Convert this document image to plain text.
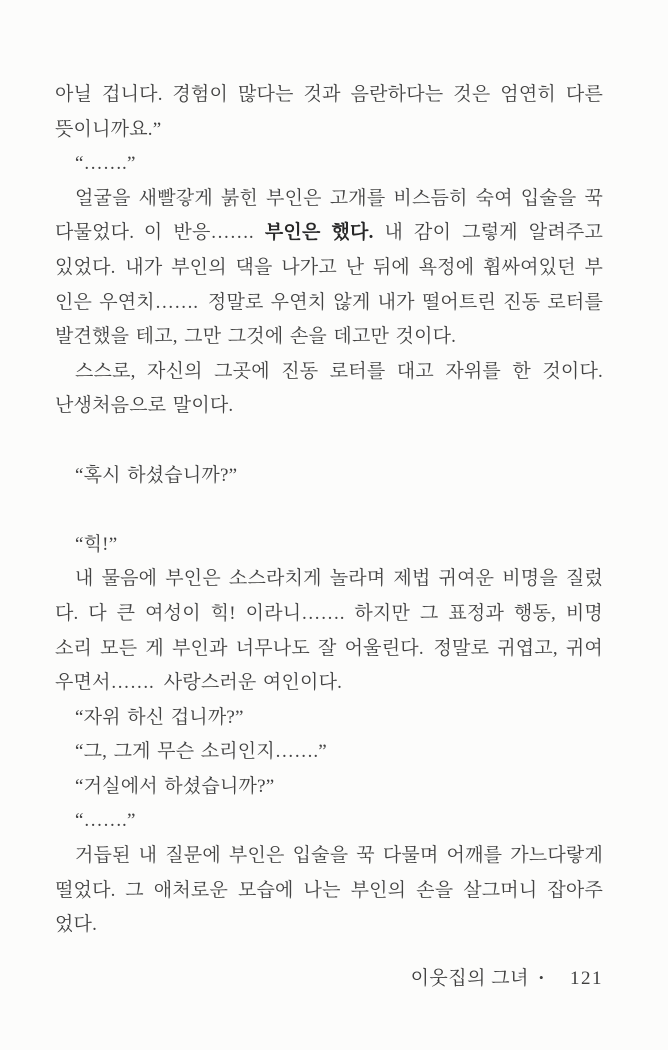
아닐 겁니다. 경험이 많다는 것과 음란하다는 것은 엄연히 다른
뜻이니까요.”
“…….”
얼굴을 새빨갛게 붉힌 부인은 고개를 비스듬히 숙여 입술을 꾹
다물었다. 이 반응……. 부인은 했다. 내 감이 그렇게 알려주고
있었다. 내가 부인의 댁을 나가고 난 뒤에 욕정에 휩싸여있던 부
인은 우연치……. 정말로 우연치 않게 내가 떨어트린 진동 로터를
발견했을 테고, 그만 그것에 손을 데고만 것이다.
스스로, 자신의 그곳에 진동 로터를 대고 자위를 한 것이다.
난생처음으로 말이다.
“혹시 하셨습니까?”
“힉!”
내 물음에 부인은 소스라치게 놀라며 제법 귀여운 비명을 질렀
다. 다 큰 여성이 힉! 이라니……. 하지만 그 표정과 행동, 비명
소리 모든 게 부인과 너무나도 잘 어울린다. 정말로 귀엽고, 귀여
우면서……. 사랑스러운 여인이다.
“자위 하신 겁니까?”
“그, 그게 무슨 소리인지…….”
“거실에서 하셨습니까?”
“…….”
거듭된 내 질문에 부인은 입술을 꾹 다물며 어깨를 가느다랗게
떨었다. 그 애처로운 모습에 나는 부인의 손을 살그머니 잡아주
었다.
이웃집의 그녀 • 121
